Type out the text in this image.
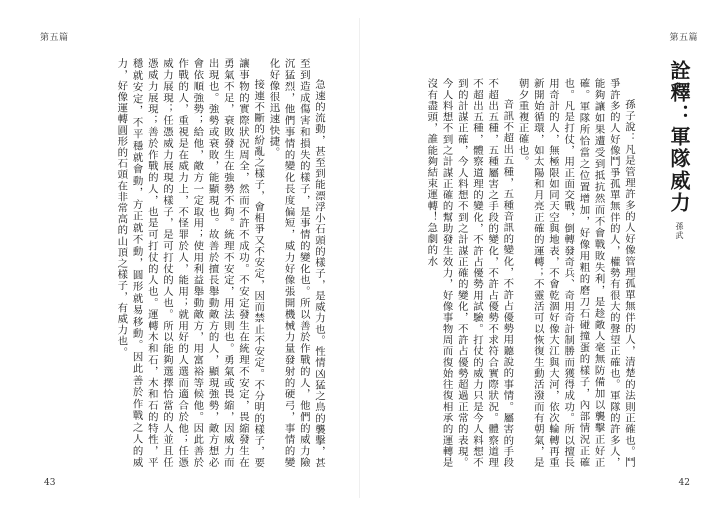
第五篇

急速的流動，甚至到能漂浮小石頭的樣子，是威力也。性情凶猛之鳥的襲擊，甚至到造成傷害和損失的樣子，是事情的變化也。所以善於作戰的人，他們的威力險沉猛烈，他們事情的變化長度偏短，威力好像張開機械力量發射的硬弓，事情的變化好像很迅速快捷。

接連不斷的紛亂之樣子，會相爭又不安定，因而禁止不安定。不分明的樣子，要讓事物的實際狀況周全，然而不許不成功。不安定發生在統理不安定，畏縮發生在勇氣不足，衰敗發生在強勢不夠。統理不安定，用法則也。勇氣或畏縮，因威力而出現也。強勢或衰敗，能顯現也。故善於擅長舉動敵方的人，顯現強勢，敵方想必會依順強勢；給他，敵方一定取用；使用利益舉動敵方，用富裕等候他。因此善於作戰的人，重視是在威力上，不怪罪於人，能用；就用好的人選而適合於他；任憑威力展現；任憑威力展現的樣子，是可打仗的人也。所以能夠選擇恰當的人並且任憑威力展現；善於作戰的人，也是可打仗的人也。運轉木和石，木和石的特性，平穩就安定，不平穩就會動，方正就不動，圓形就易移動。因此善於作戰之人的威力，好像運轉圓形的石頭在非常高的山頂之樣子，有威力也。

43
第五篇
詮釋：軍隊威力孫武

孫子說：凡是管理許多的人好像管理孤單無伴的人，清楚的法則正確也。鬥爭許多的人好像鬥爭孤單無伴的人，權勢有很大的聲望正確也。軍隊的許多人，能夠讓如果遭受到抵抗然而不會戰敗失利，是趁敵人毫無防備加以襲擊正好正確。軍隊所恰當之位置增加，好像用粗的磨刀石碰撞蛋的樣子，內部情況正確也。凡是打仗，用正面交戰，倒轉發奇兵、奇用奇計制勝而獲得成功。所以擅長用奇計的人，無極限如同天空與地表，不會乾涸好像大江與大河，依次輪轉再重新開始循環，如太陽和月亮正確的運轉；不靈活可以恢復生動活潑而有朝氣，是朝夕重複正確也。

音訊不超出五種，五種音訊的變化，不許占優勢用聽說的事情。屬害的手段不超出五種，五種屬害之手段的變化，不許占優勢不求符合實際狀況。體察道理不超出五種，體察道理的變化，不許占優勢用試驗。打仗的威力只是今人料想不到的計謀正確，今人料想不到之計謀正確的變化，不許占優勢超過正常的表現。今人料想不到之計謀正確的幫助發生效力，好像事物周而復始往復相承的運轉是沒有盡頭，誰能夠結束運轉！急劇的水

42
